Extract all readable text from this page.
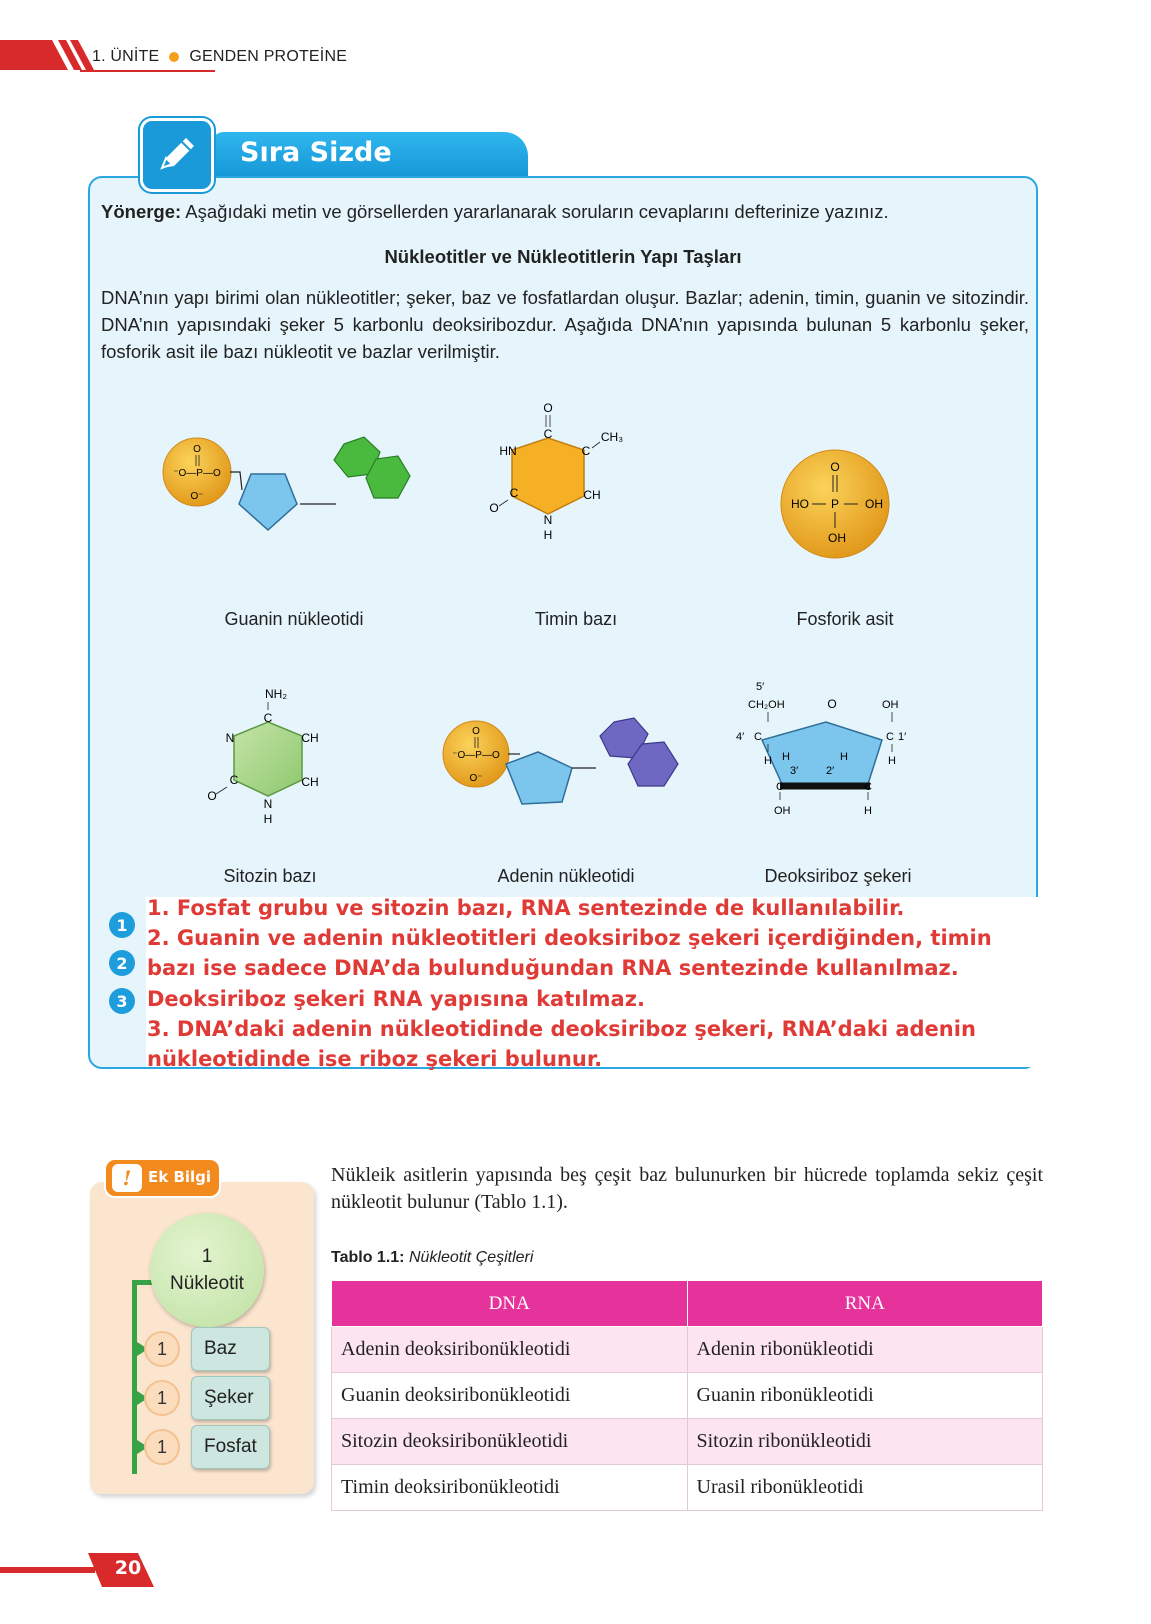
1. ÜNİTE GENDEN PROTEİNE
Sıra Sizde
Yönerge: Aşağıdaki metin ve görsellerden yararlanarak soruların cevaplarını defterinize yazınız.
Nükleotitler ve Nükleotitlerin Yapı Taşları
DNA’nın yapı birimi olan nükleotitler; şeker, baz ve fosfatlardan oluşur. Bazlar; adenin, timin, guanin ve sitozindir. DNA’nın yapısındaki şeker 5 karbonlu deoksiribozdur. Aşağıda DNA’nın yapısında bulunan 5 karbonlu şeker, fosforik asit ile bazı nükleotit ve bazlar verilmiştir.
O
⁻O—P—O
O⁻
O
C
HN	C
CH₃
CH
C
O
N
H
O
HO P OH
OH
Guanin nükleotidi	Timin bazı	Fosforik asit
NH₂
C
N	CH
CH
C
O
N
H
O
⁻O—P—O
O⁻
5′
CH₂OH	O	OH
4′ C	C 1′
H	H
H
3′
H
2′
C	C
OH	H
Sitozin bazı	Adenin nükleotidi	Deoksiriboz şekeri
1
2
3
1. Fosfat grubu ve sitozin bazı, RNA sentezinde de kullanılabilir.
2. Guanin ve adenin nükleotitleri deoksiriboz şekeri içerdiğinden, timin bazı ise sadece DNA’da bulunduğundan RNA sentezinde kullanılmaz. Deoksiriboz şekeri RNA yapısına katılmaz.
3. DNA’daki adenin nükleotidinde deoksiriboz şekeri, RNA’daki adenin nükleotidinde ise riboz şekeri bulunur.
!	Ek Bilgi
1
Nükleotit
1	Baz
1	Şeker
1	Fosfat
Nükleik asitlerin yapısında beş çeşit baz bulunurken bir hücrede toplamda sekiz çeşit nükleotit bulunur (Tablo 1.1).
Tablo 1.1: Nükleotit Çeşitleri
DNA	RNA
Adenin deoksiribonükleotidi	Adenin ribonükleotidi
Guanin deoksiribonükleotidi	Guanin ribonükleotidi
Sitozin deoksiribonükleotidi	Sitozin ribonükleotidi
Timin deoksiribonükleotidi	Urasil ribonükleotidi
20
